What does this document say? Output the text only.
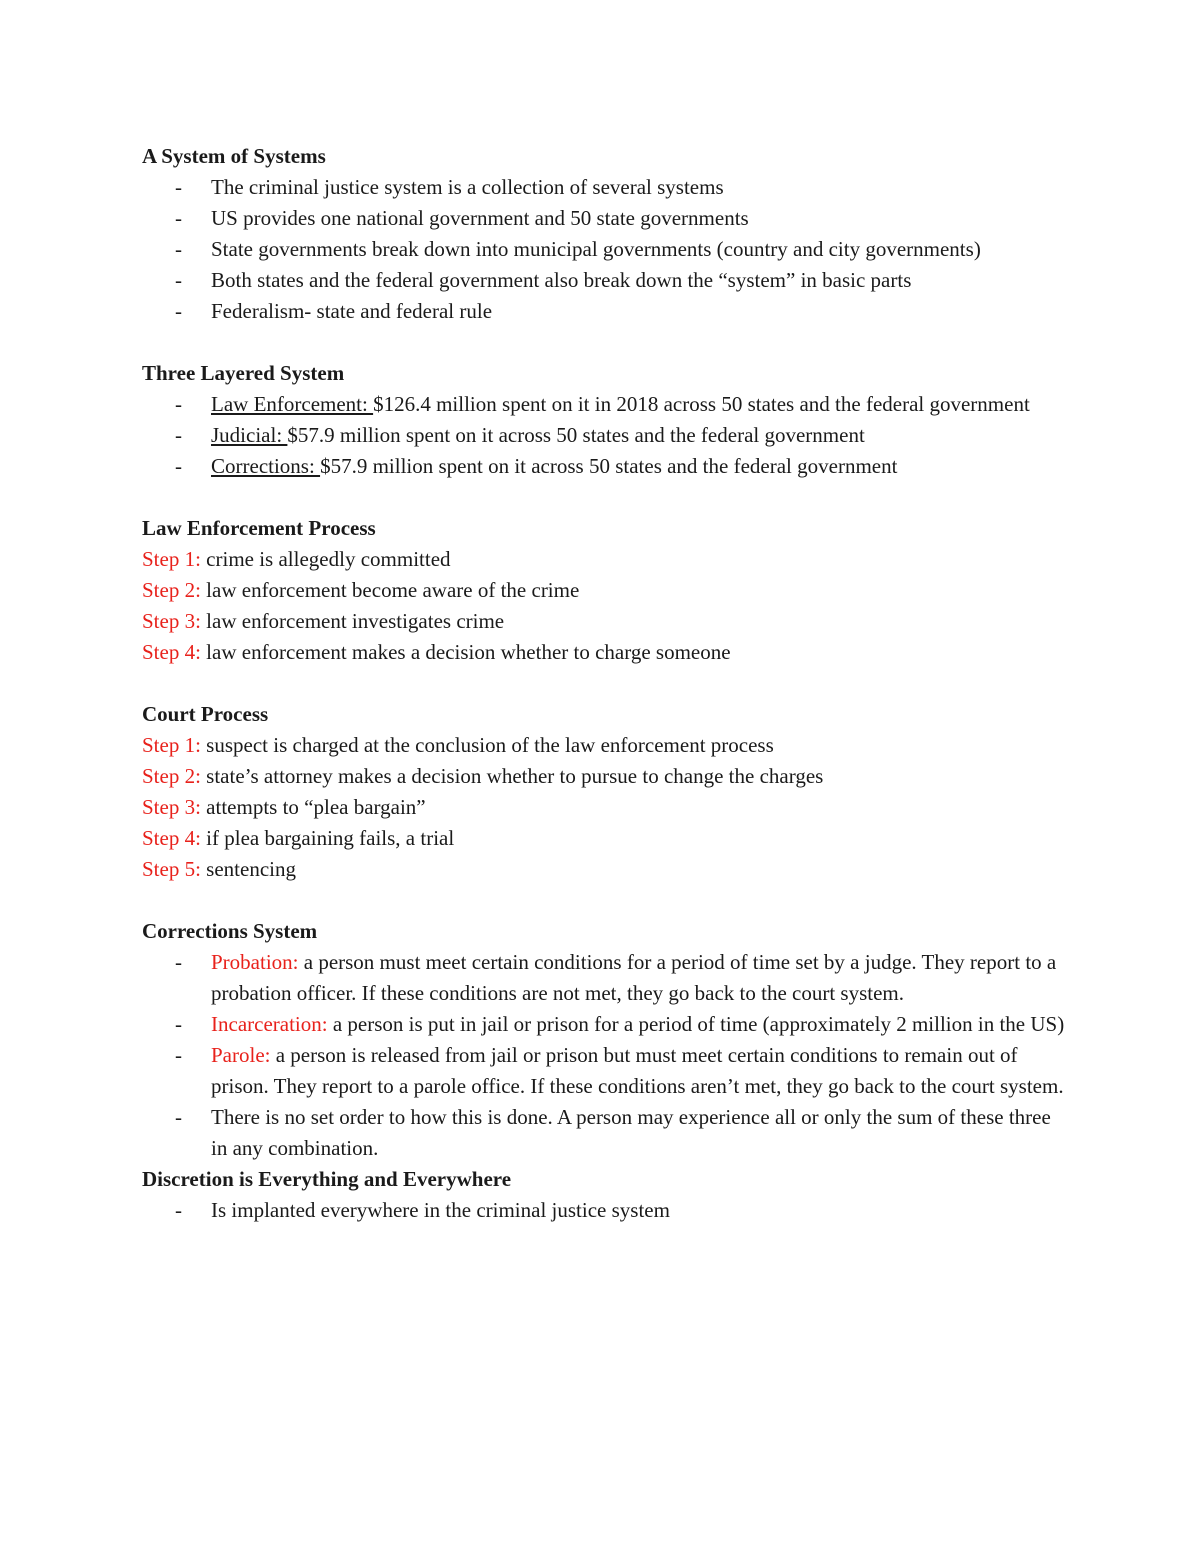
A System of Systems
- The criminal justice system is a collection of several systems
- US provides one national government and 50 state governments
- State governments break down into municipal governments (country and city governments)
- Both states and the federal government also break down the “system” in basic parts
- Federalism- state and federal rule
Three Layered System
- Law Enforcement: $126.4 million spent on it in 2018 across 50 states and the federal government
- Judicial: $57.9 million spent on it across 50 states and the federal government
- Corrections: $57.9 million spent on it across 50 states and the federal government
Law Enforcement Process
Step 1: crime is allegedly committed
Step 2: law enforcement become aware of the crime
Step 3: law enforcement investigates crime
Step 4: law enforcement makes a decision whether to charge someone
Court Process
Step 1: suspect is charged at the conclusion of the law enforcement process
Step 2: state’s attorney makes a decision whether to pursue to change the charges
Step 3: attempts to “plea bargain”
Step 4: if plea bargaining fails, a trial
Step 5: sentencing
Corrections System
- Probation: a person must meet certain conditions for a period of time set by a judge. They report to a probation officer. If these conditions are not met, they go back to the court system.
- Incarceration: a person is put in jail or prison for a period of time (approximately 2 million in the US)
- Parole: a person is released from jail or prison but must meet certain conditions to remain out of prison. They report to a parole office. If these conditions aren’t met, they go back to the court system.
- There is no set order to how this is done. A person may experience all or only the sum of these three in any combination.
Discretion is Everything and Everywhere
- Is implanted everywhere in the criminal justice system
